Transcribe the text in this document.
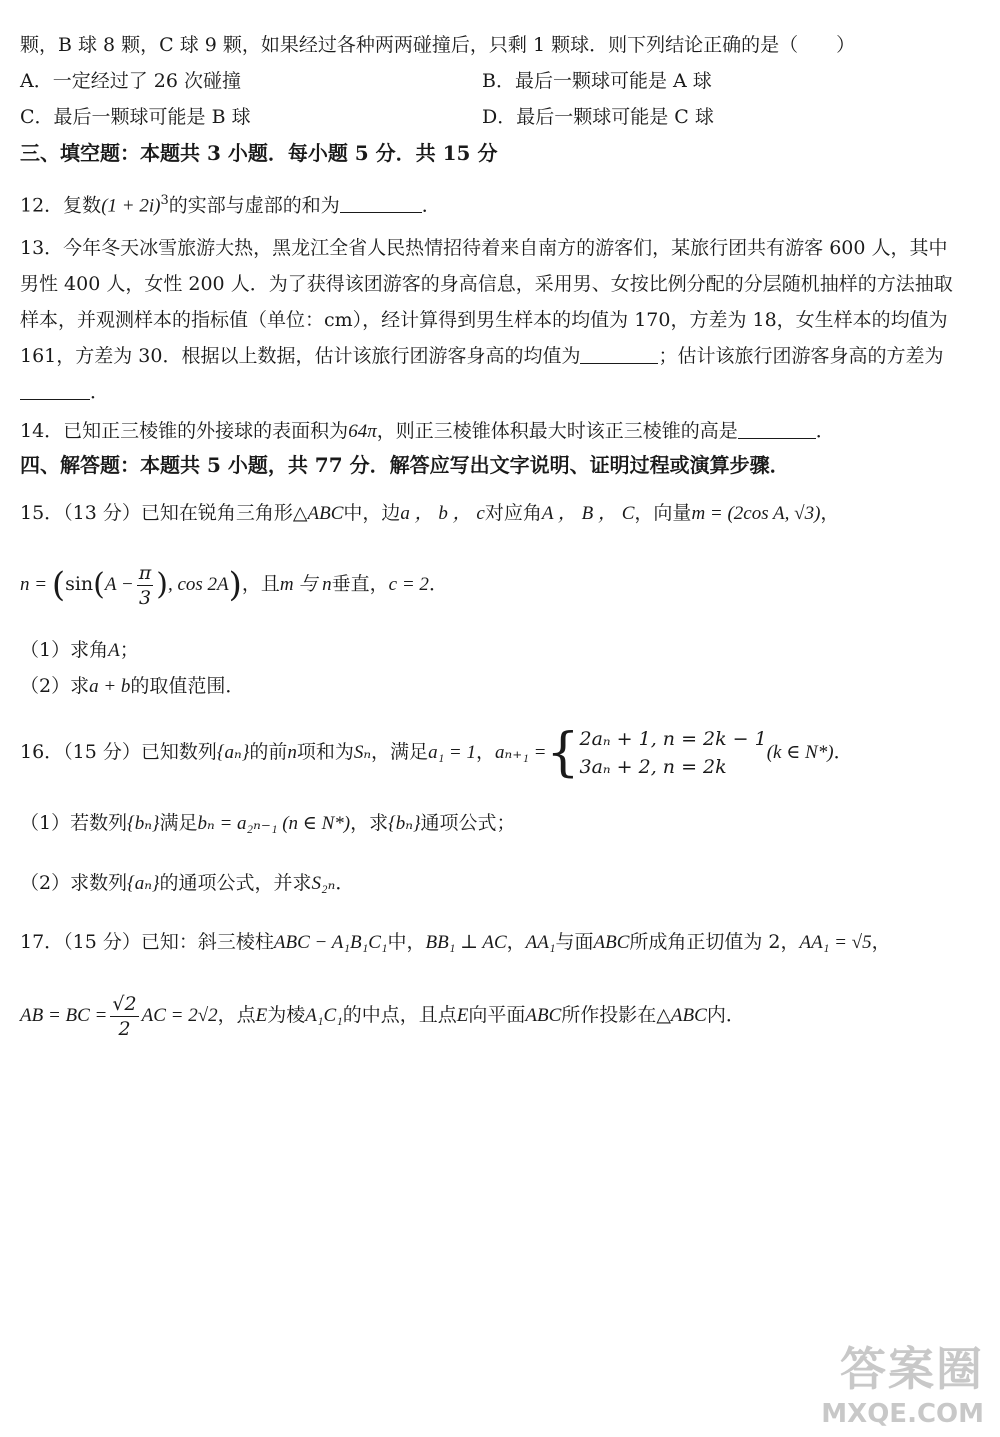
颗，B 球 8 颗，C 球 9 颗，如果经过各种两两碰撞后，只剩 1 颗球．则下列结论正确的是（　　）
A．一定经过了 26 次碰撞	B．最后一颗球可能是 A 球
C．最后一颗球可能是 B 球	D．最后一颗球可能是 C 球
三、填空题：本题共 3 小题．每小题 5 分．共 15 分
12．复数$(1 + 2i)^3$的实部与虚部的和为	．
13．今年冬天冰雪旅游大热，黑龙江全省人民热情招待着来自南方的游客们，某旅行团共有游客 600 人，其中
男性 400 人，女性 200 人．为了获得该团游客的身高信息，采用男、女按比例分配的分层随机抽样的方法抽取
样本，并观测样本的指标值（单位：cm），经计算得到男生样本的均值为 170，方差为 18，女生样本的均值为
161，方差为 30．根据以上数据，估计该旅行团游客身高的均值为	；估计该旅行团游客身高的方差为
．
14．已知正三棱锥的外接球的表面积为64π，则正三棱锥体积最大时该正三棱锥的高是	．
四、解答题：本题共 5 小题，共 77 分．解答应写出文字说明、证明过程或演算步骤．
15．（13 分）已知在锐角三角形△ABC中，边a ， b ， c对应角A ， B ， C，向量m = (2cos A, √3)，
$n = (\sin(A - \frac{\pi}{3}$ ), cos 2A)，且m 与 n垂直，c = 2．
（1）求角A；
（2）求a + b的取值范围．
16．（15 分）已知数列{aₙ}的前n项和为Sₙ，满足a₁ = 1，aₙ₊₁ ={ 2aₙ + 1, n = 2k − 1
3aₙ + 2, n = 2k
(k ∈ N*)．
（1）若数列{bₙ}满足bₙ = a₂ₙ₋₁ (n ∈ N*)，求{bₙ}通项公式；
（2）求数列{aₙ}的通项公式，并求S₂ₙ．
17．（15 分）已知：斜三棱柱ABC − A₁B₁C₁中，BB₁ ⊥ AC，AA₁与面ABC所成角正切值为 2，AA₁ = √5，
AB = BC = $\frac{√2}{2}$ AC = 2√2，点E为棱A₁C₁的中点，且点E向平面ABC所作投影在△ABC内．
答案圈
MXQE.COM
